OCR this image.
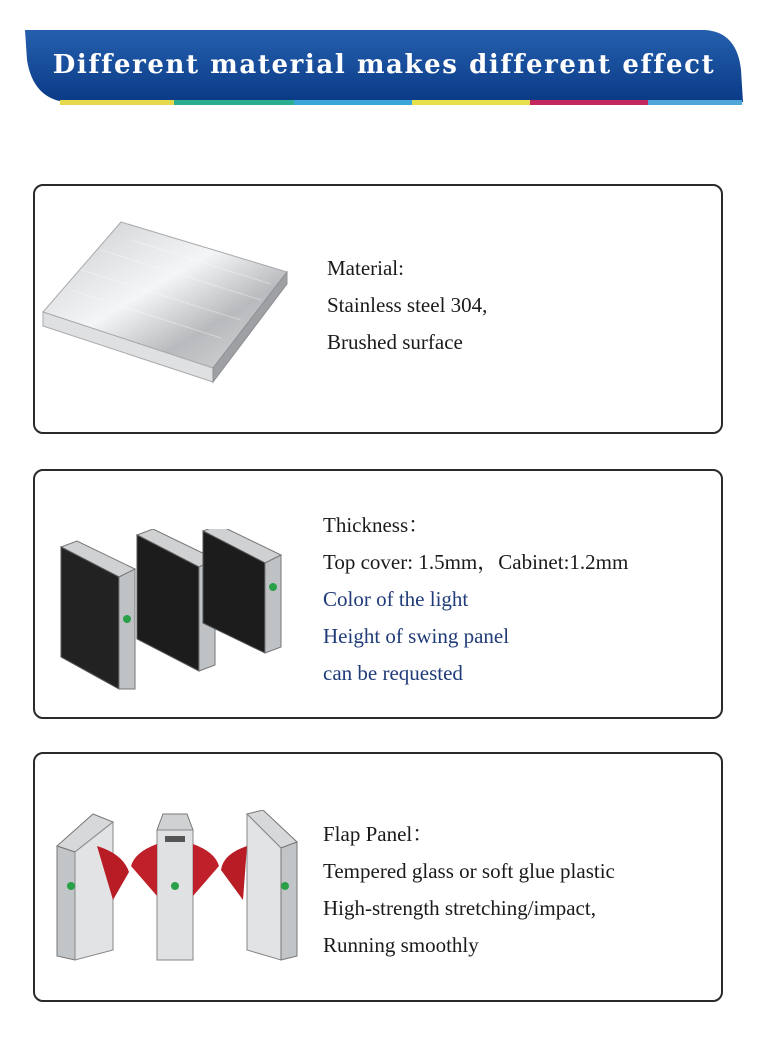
Different material makes different effect
Material:
Stainless steel 304,
Brushed surface
Thickness：
Top cover: 1.5mm，Cabinet:1.2mm
Color of the light
Height of swing panel
can be requested
Flap Panel：
Tempered glass or soft glue plastic
High-strength stretching/impact,
Running smoothly
